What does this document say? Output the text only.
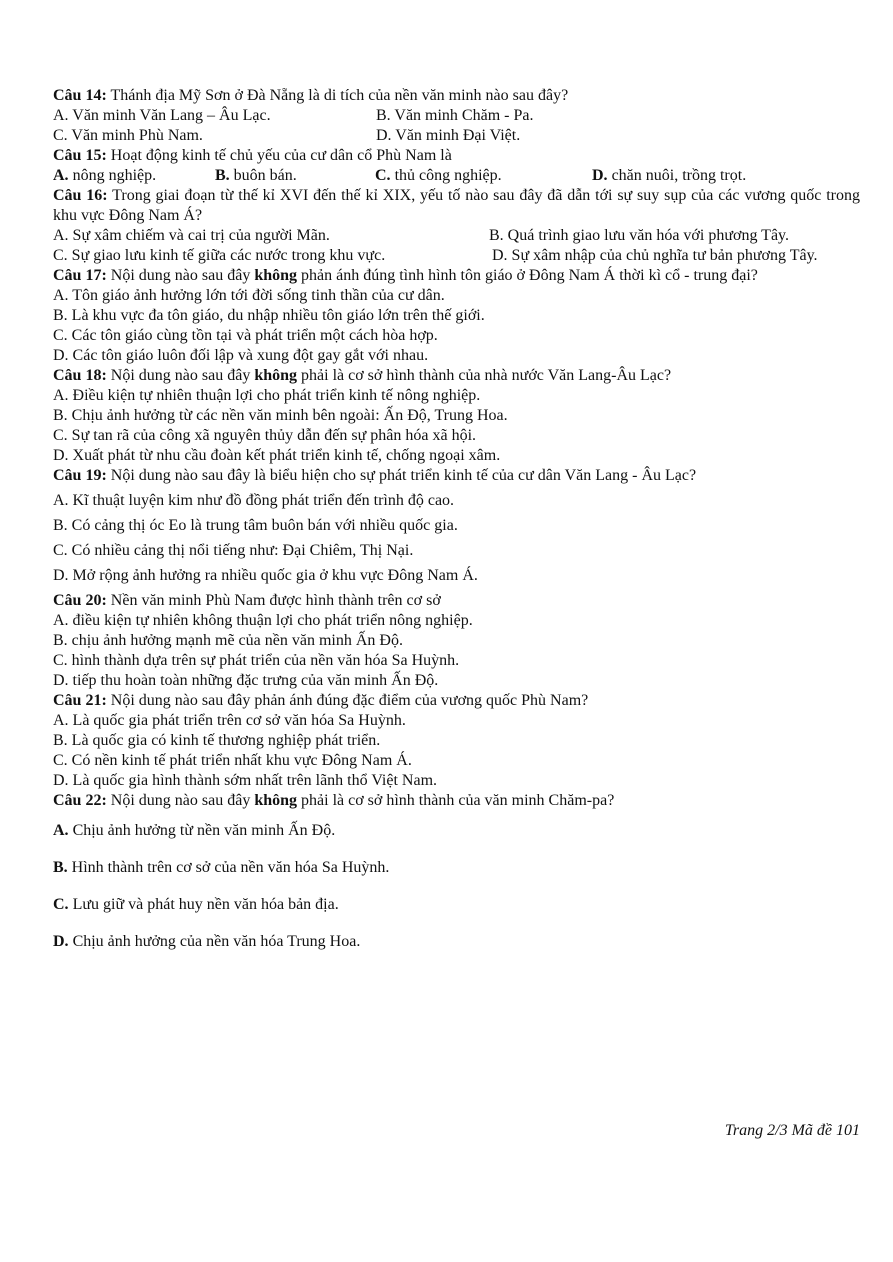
Câu 14: Thánh địa Mỹ Sơn ở Đà Nẵng là di tích của nền văn minh nào sau đây?

A. Văn minh Văn Lang – Âu Lạc.	B. Văn minh Chăm - Pa.
C. Văn minh Phù Nam.	D. Văn minh Đại Việt.

Câu 15: Hoạt động kinh tế chủ yếu của cư dân cổ Phù Nam là

A. nông nghiệp.	B. buôn bán.	C. thủ công nghiệp.	D. chăn nuôi, trồng trọt.

Câu 16: Trong giai đoạn từ thế kỉ XVI đến thế kỉ XIX, yếu tố nào sau đây đã dẫn tới sự suy sụp của các vương quốc trong khu vực Đông Nam Á?

A. Sự xâm chiếm và cai trị của người Mãn.	B. Quá trình giao lưu văn hóa với phương Tây.
C. Sự giao lưu kinh tế giữa các nước trong khu vực.	D. Sự xâm nhập của chủ nghĩa tư bản phương Tây.

Câu 17: Nội dung nào sau đây không phản ánh đúng tình hình tôn giáo ở Đông Nam Á thời kì cổ - trung đại?

A. Tôn giáo ảnh hưởng lớn tới đời sống tinh thần của cư dân.

B. Là khu vực đa tôn giáo, du nhập nhiều tôn giáo lớn trên thế giới.

C. Các tôn giáo cùng tồn tại và phát triển một cách hòa hợp.

D. Các tôn giáo luôn đối lập và xung đột gay gắt với nhau.

Câu 18: Nội dung nào sau đây không phải là cơ sở hình thành của nhà nước Văn Lang-Âu Lạc?

A. Điều kiện tự nhiên thuận lợi cho phát triển kinh tế nông nghiệp.

B. Chịu ảnh hưởng từ các nền văn minh bên ngoài: Ấn Độ, Trung Hoa.

C. Sự tan rã của công xã nguyên thủy dẫn đến sự phân hóa xã hội.

D. Xuất phát từ nhu cầu đoàn kết phát triển kinh tế, chống ngoại xâm.

Câu 19: Nội dung nào sau đây là biểu hiện cho sự phát triển kinh tế của cư dân Văn Lang - Âu Lạc?

A. Kĩ thuật luyện kim như đồ đồng phát triển đến trình độ cao.

B. Có cảng thị óc Eo là trung tâm buôn bán với nhiều quốc gia.

C. Có nhiều cảng thị nổi tiếng như: Đại Chiêm, Thị Nại.

D. Mở rộng ảnh hưởng ra nhiều quốc gia ở khu vực Đông Nam Á.

Câu 20: Nền văn minh Phù Nam được hình thành trên cơ sở

A. điều kiện tự nhiên không thuận lợi cho phát triển nông nghiệp.

B. chịu ảnh hưởng mạnh mẽ của nền văn minh Ấn Độ.

C. hình thành dựa trên sự phát triển của nền văn hóa Sa Huỳnh.

D. tiếp thu hoàn toàn những đặc trưng của văn minh Ấn Độ.

Câu 21: Nội dung nào sau đây phản ánh đúng đặc điểm của vương quốc Phù Nam?

A. Là quốc gia phát triển trên cơ sở văn hóa Sa Huỳnh.

B. Là quốc gia có kinh tế thương nghiệp phát triển.

C. Có nền kinh tế phát triển nhất khu vực Đông Nam Á.

D. Là quốc gia hình thành sớm nhất trên lãnh thổ Việt Nam.

Câu 22: Nội dung nào sau đây không phải là cơ sở hình thành của văn minh Chăm-pa?

A. Chịu ảnh hưởng từ nền văn minh Ấn Độ.

B. Hình thành trên cơ sở của nền văn hóa Sa Huỳnh.

C. Lưu giữ và phát huy nền văn hóa bản địa.

D. Chịu ảnh hưởng của nền văn hóa Trung Hoa.

Trang 2/3 Mã đề 101
